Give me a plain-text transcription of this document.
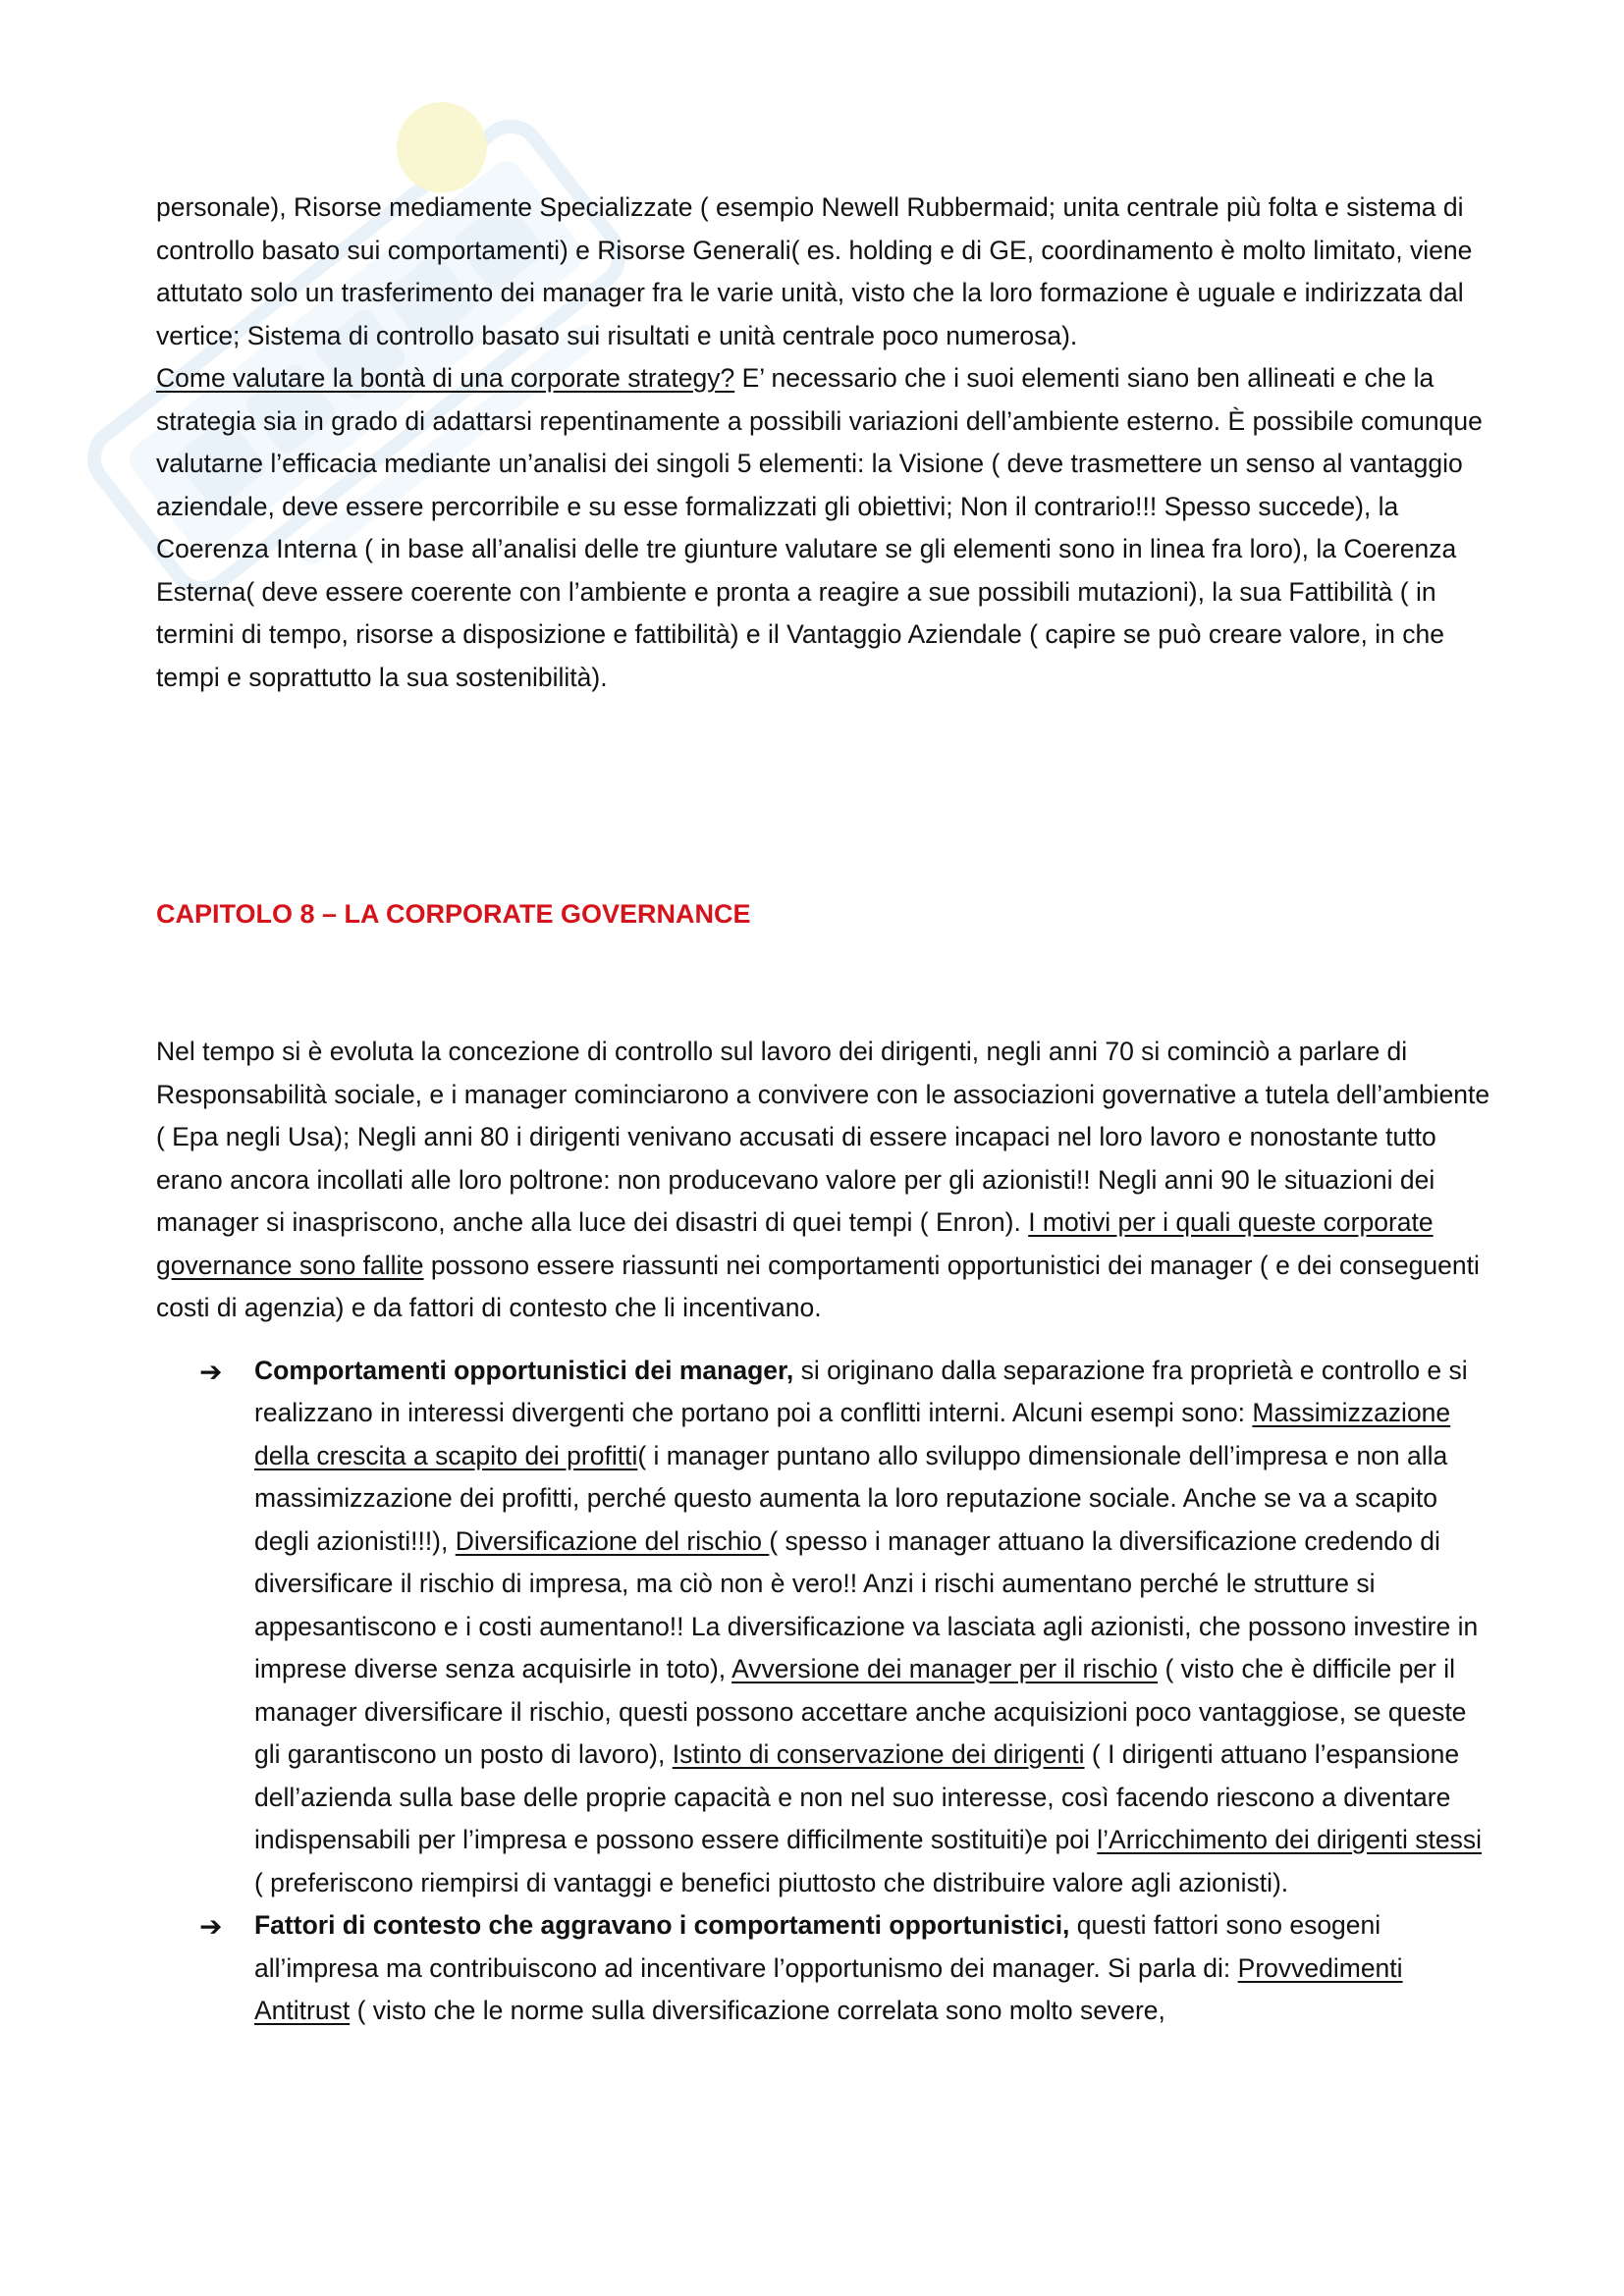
personale), Risorse mediamente Specializzate ( esempio Newell Rubbermaid; unita centrale più folta e sistema di controllo basato sui comportamenti) e Risorse Generali( es. holding e di GE, coordinamento è molto limitato, viene attutato solo un trasferimento dei manager fra le varie unità, visto che la loro formazione è uguale e indirizzata dal vertice; Sistema di controllo basato sui risultati e unità centrale poco numerosa).

Come valutare la bontà di una corporate strategy? E’ necessario che i suoi elementi siano ben allineati e che la strategia sia in grado di adattarsi repentinamente a possibili variazioni dell’ambiente esterno. È possibile comunque valutarne l’efficacia mediante un’analisi dei singoli 5 elementi: la Visione ( deve trasmettere un senso al vantaggio aziendale, deve essere percorribile e su esse formalizzati gli obiettivi; Non il contrario!!! Spesso succede), la Coerenza Interna ( in base all’analisi delle tre giunture valutare se gli elementi sono in linea fra loro), la Coerenza Esterna( deve essere coerente con l’ambiente e pronta a reagire a sue possibili mutazioni), la sua Fattibilità ( in termini di tempo, risorse a disposizione e fattibilità) e il Vantaggio Aziendale ( capire se può creare valore, in che tempi e soprattutto la sua sostenibilità).

CAPITOLO 8 – LA CORPORATE GOVERNANCE

Nel tempo si è evoluta la concezione di controllo sul lavoro dei dirigenti, negli anni 70 si cominciò a parlare di Responsabilità sociale, e i manager cominciarono a convivere con le associazioni governative a tutela dell’ambiente ( Epa negli Usa); Negli anni 80 i dirigenti venivano accusati di essere incapaci nel loro lavoro e nonostante tutto erano ancora incollati alle loro poltrone: non producevano valore per gli azionisti!! Negli anni 90 le situazioni dei manager si inaspriscono, anche alla luce dei disastri di quei tempi ( Enron). I motivi per i quali queste corporate governance sono fallite possono essere riassunti nei comportamenti opportunistici dei manager ( e dei conseguenti costi di agenzia) e da fattori di contesto che li incentivano.

➔ Comportamenti opportunistici dei manager, si originano dalla separazione fra proprietà e controllo e si realizzano in interessi divergenti che portano poi a conflitti interni. Alcuni esempi sono: Massimizzazione della crescita a scapito dei profitti( i manager puntano allo sviluppo dimensionale dell’impresa e non alla massimizzazione dei profitti, perché questo aumenta la loro reputazione sociale. Anche se va a scapito degli azionisti!!!), Diversificazione del rischio ( spesso i manager attuano la diversificazione credendo di diversificare il rischio di impresa, ma ciò non è vero!! Anzi i rischi aumentano perché le strutture si appesantiscono e i costi aumentano!! La diversificazione va lasciata agli azionisti, che possono investire in imprese diverse senza acquisirle in toto), Avversione dei manager per il rischio ( visto che è difficile per il manager diversificare il rischio, questi possono accettare anche acquisizioni poco vantaggiose, se queste gli garantiscono un posto di lavoro), Istinto di conservazione dei dirigenti ( I dirigenti attuano l’espansione dell’azienda sulla base delle proprie capacità e non nel suo interesse, così facendo riescono a diventare indispensabili per l’impresa e possono essere difficilmente sostituiti)e poi l’Arricchimento dei dirigenti stessi ( preferiscono riempirsi di vantaggi e benefici piuttosto che distribuire valore agli azionisti).
➔ Fattori di contesto che aggravano i comportamenti opportunistici, questi fattori sono esogeni all’impresa ma contribuiscono ad incentivare l’opportunismo dei manager. Si parla di: Provvedimenti Antitrust ( visto che le norme sulla diversificazione correlata sono molto severe,
